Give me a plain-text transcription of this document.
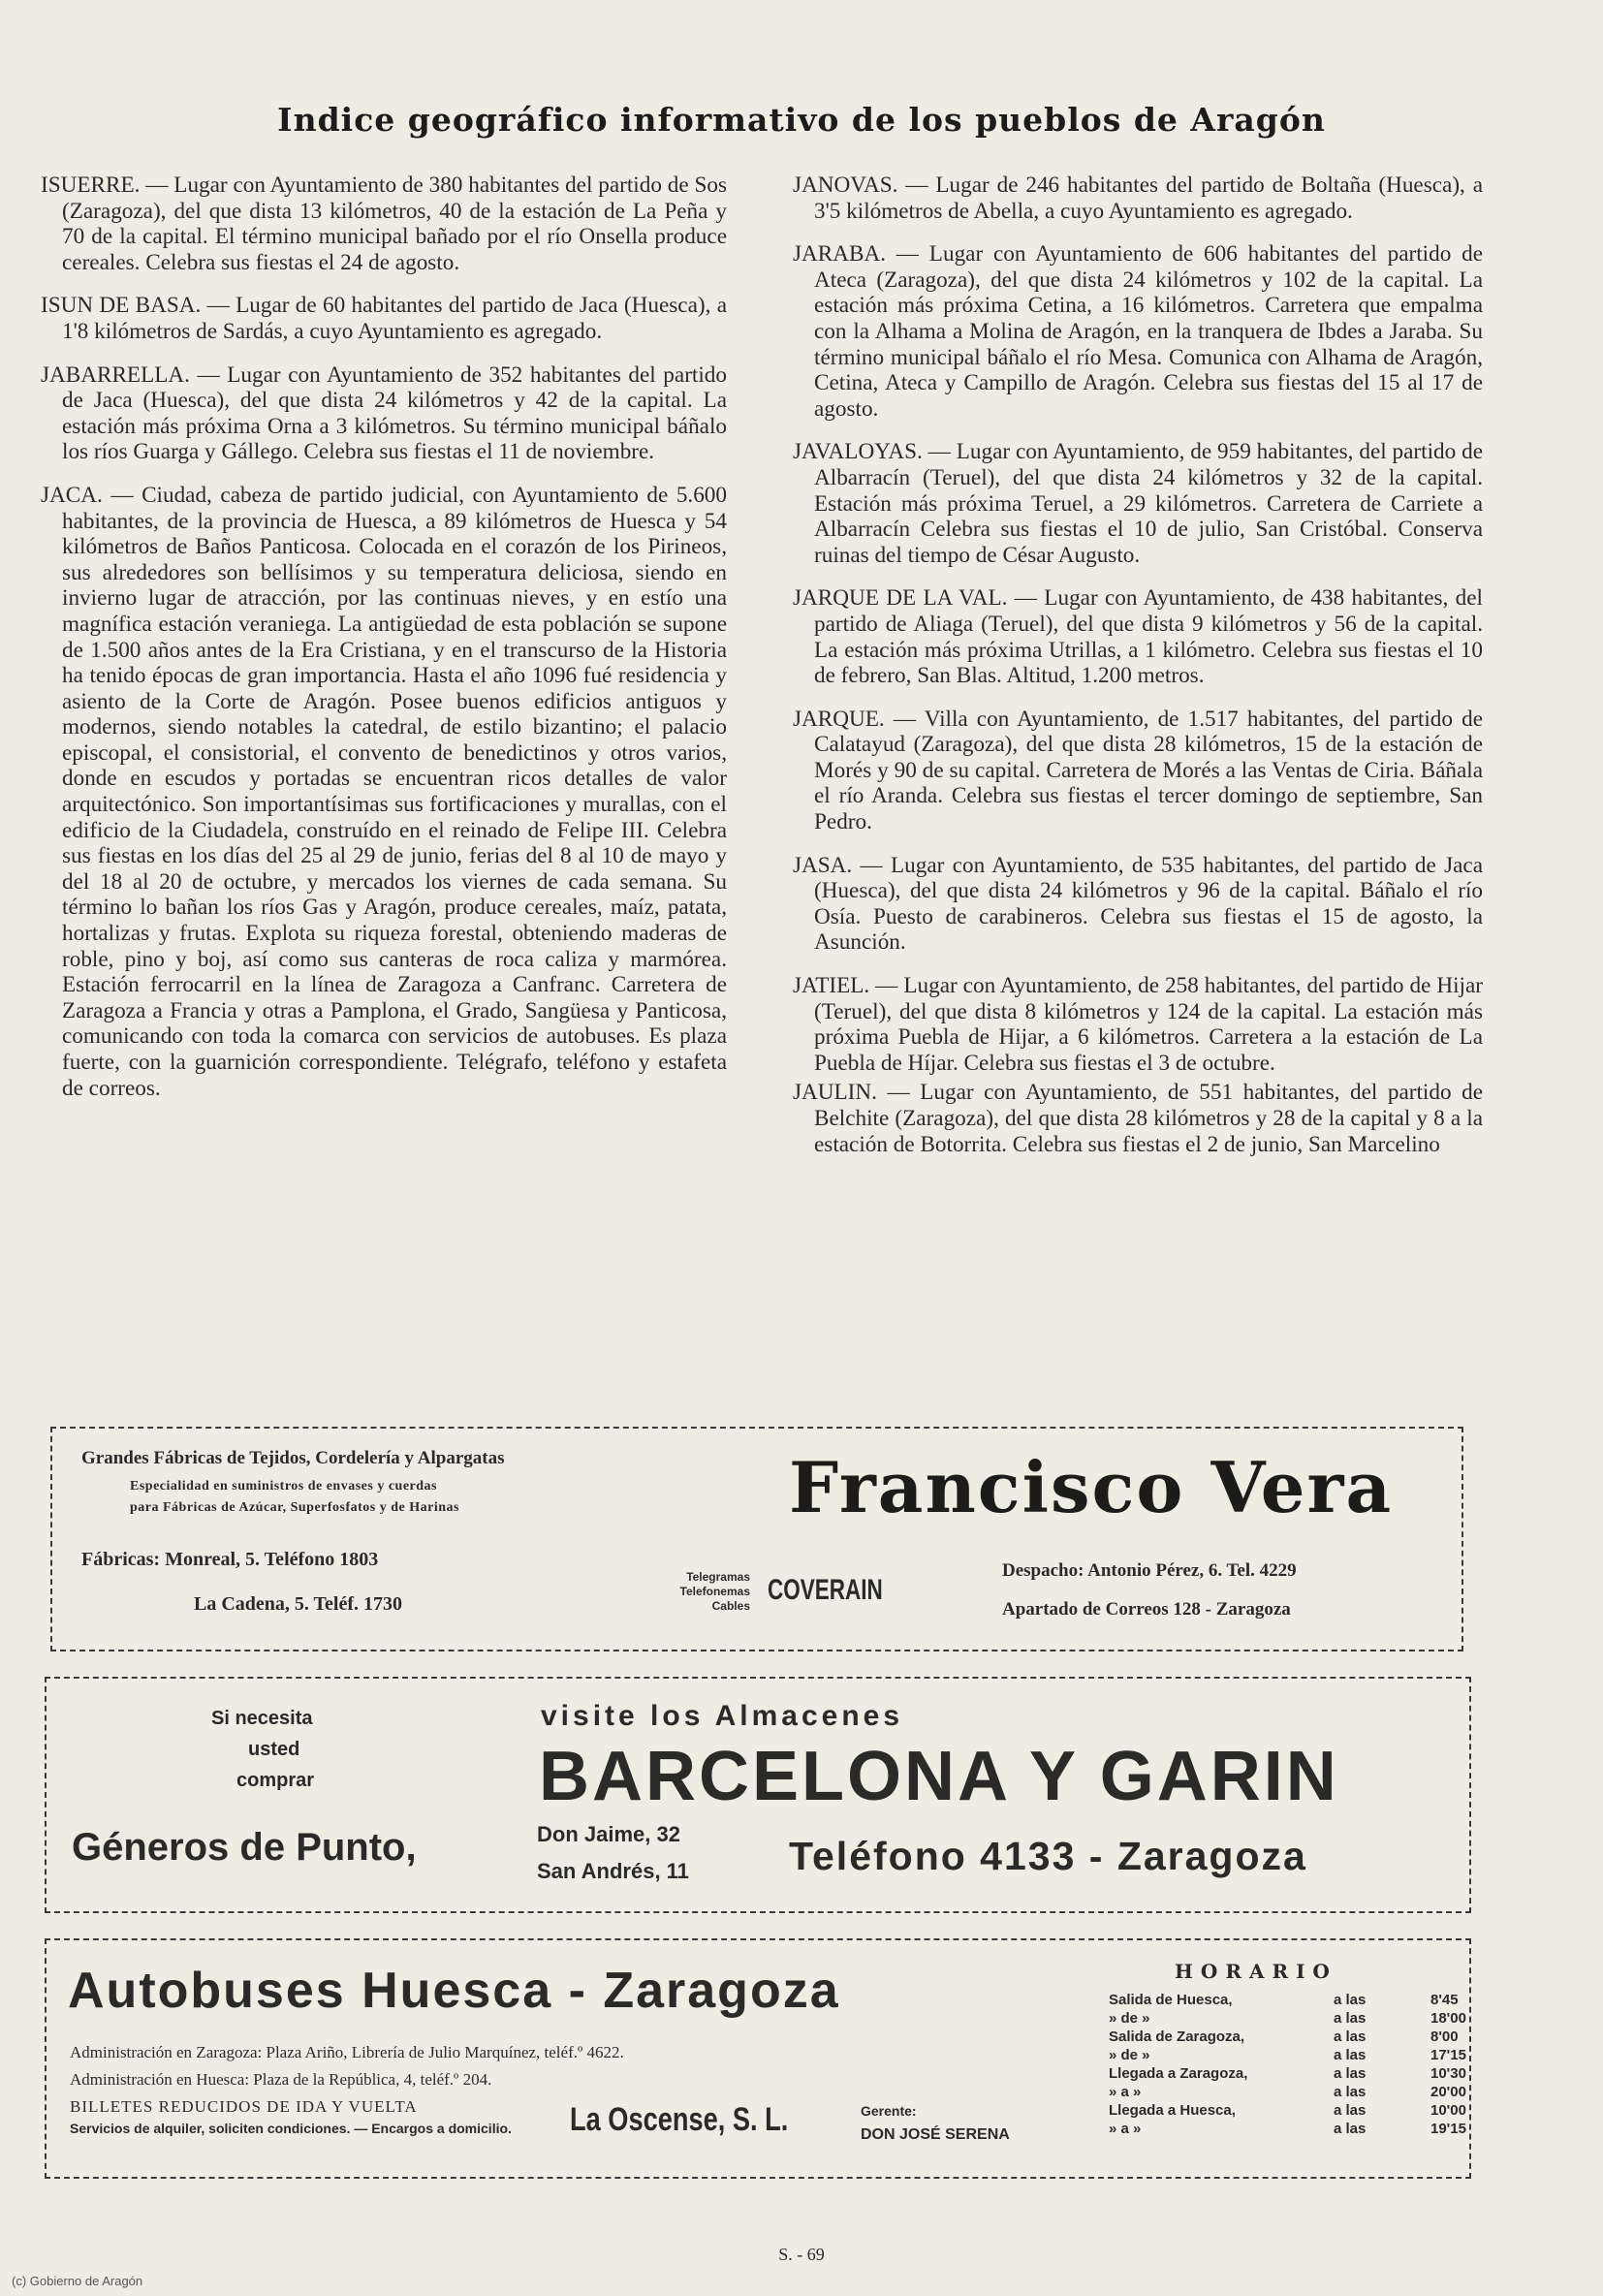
Indice geográfico informativo de los pueblos de Aragón

ISUERRE. — Lugar con Ayuntamiento de 380 habitantes del partido de Sos (Zaragoza), del que dista 13 kilómetros, 40 de la estación de La Peña y 70 de la capital. El término municipal bañado por el río Onsella produce cereales. Celebra sus fiestas el 24 de agosto.

ISUN DE BASA. — Lugar de 60 habitantes del partido de Jaca (Huesca), a 1'8 kilómetros de Sardás, a cuyo Ayuntamiento es agregado.

JABARRELLA. — Lugar con Ayuntamiento de 352 habitantes del partido de Jaca (Huesca), del que dista 24 kilómetros y 42 de la capital. La estación más próxima Orna a 3 kilómetros. Su término municipal báñalo los ríos Guarga y Gállego. Celebra sus fiestas el 11 de noviembre.

JACA. — Ciudad, cabeza de partido judicial, con Ayuntamiento de 5.600 habitantes, de la provincia de Huesca, a 89 kilómetros de Huesca y 54 kilómetros de Baños Panticosa. Colocada en el corazón de los Pirineos, sus alrededores son bellísimos y su temperatura deliciosa, siendo en invierno lugar de atracción, por las continuas nieves, y en estío una magnífica estación veraniega. La antigüedad de esta población se supone de 1.500 años antes de la Era Cristiana, y en el transcurso de la Historia ha tenido épocas de gran importancia. Hasta el año 1096 fué residencia y asiento de la Corte de Aragón. Posee buenos edificios antiguos y modernos, siendo notables la catedral, de estilo bizantino; el palacio episcopal, el consistorial, el convento de benedictinos y otros varios, donde en escudos y portadas se encuentran ricos detalles de valor arquitectónico. Son importantísimas sus fortificaciones y murallas, con el edificio de la Ciudadela, construído en el reinado de Felipe III. Celebra sus fiestas en los días del 25 al 29 de junio, ferias del 8 al 10 de mayo y del 18 al 20 de octubre, y mercados los viernes de cada semana. Su término lo bañan los ríos Gas y Aragón, produce cereales, maíz, patata, hortalizas y frutas. Explota su riqueza forestal, obteniendo maderas de roble, pino y boj, así como sus canteras de roca caliza y marmórea. Estación ferrocarril en la línea de Zaragoza a Canfranc. Carretera de Zaragoza a Francia y otras a Pamplona, el Grado, Sangüesa y Panticosa, comunicando con toda la comarca con servicios de autobuses. Es plaza fuerte, con la guarnición correspondiente. Telégrafo, teléfono y estafeta de correos.

JANOVAS. — Lugar de 246 habitantes del partido de Boltaña (Huesca), a 3'5 kilómetros de Abella, a cuyo Ayuntamiento es agregado.

JARABA. — Lugar con Ayuntamiento de 606 habitantes del partido de Ateca (Zaragoza), del que dista 24 kilómetros y 102 de la capital. La estación más próxima Cetina, a 16 kilómetros. Carretera que empalma con la Alhama a Molina de Aragón, en la tranquera de Ibdes a Jaraba. Su término municipal báñalo el río Mesa. Comunica con Alhama de Aragón, Cetina, Ateca y Campillo de Aragón. Celebra sus fiestas del 15 al 17 de agosto.

JAVALOYAS. — Lugar con Ayuntamiento, de 959 habitantes, del partido de Albarracín (Teruel), del que dista 24 kilómetros y 32 de la capital. Estación más próxima Teruel, a 29 kilómetros. Carretera de Carriete a Albarracín Celebra sus fiestas el 10 de julio, San Cristóbal. Conserva ruinas del tiempo de César Augusto.

JARQUE DE LA VAL. — Lugar con Ayuntamiento, de 438 habitantes, del partido de Aliaga (Teruel), del que dista 9 kilómetros y 56 de la capital. La estación más próxima Utrillas, a 1 kilómetro. Celebra sus fiestas el 10 de febrero, San Blas. Altitud, 1.200 metros.

JARQUE. — Villa con Ayuntamiento, de 1.517 habitantes, del partido de Calatayud (Zaragoza), del que dista 28 kilómetros, 15 de la estación de Morés y 90 de su capital. Carretera de Morés a las Ventas de Ciria. Báñala el río Aranda. Celebra sus fiestas el tercer domingo de septiembre, San Pedro.

JASA. — Lugar con Ayuntamiento, de 535 habitantes, del partido de Jaca (Huesca), del que dista 24 kilómetros y 96 de la capital. Báñalo el río Osía. Puesto de carabineros. Celebra sus fiestas el 15 de agosto, la Asunción.

JATIEL. — Lugar con Ayuntamiento, de 258 habitantes, del partido de Hijar (Teruel), del que dista 8 kilómetros y 124 de la capital. La estación más próxima Puebla de Hijar, a 6 kilómetros. Carretera a la estación de La Puebla de Híjar. Celebra sus fiestas el 3 de octubre.

JAULIN. — Lugar con Ayuntamiento, de 551 habitantes, del partido de Belchite (Zaragoza), del que dista 28 kilómetros y 28 de la capital y 8 a la estación de Botorrita. Celebra sus fiestas el 2 de junio, San Marcelino

Grandes Fábricas de Tejidos, Cordelería y Alpargatas
Especialidad en suministros de envases y cuerdas
para Fábricas de Azúcar, Superfosfatos y de Harinas
Fábricas: Monreal, 5. Teléfono 1803
La Cadena, 5. Teléf. 1730
Francisco Vera
Telegramas
Telefonemas
Cables COVERAIN
Despacho: Antonio Pérez, 6. Tel. 4229
Apartado de Correos 128 - Zaragoza
Si necesita
usted
comprar
Géneros de Punto,
visite los Almacenes
BARCELONA Y GARIN
Don Jaime, 32
San Andrés, 11	Teléfono 4133 - Zaragoza
Autobuses Huesca - Zaragoza
Administración en Zaragoza: Plaza Ariño, Librería de Julio Marquínez, teléf.º 4622.
Administración en Huesca: Plaza de la República, 4, teléf.º 204.
BILLETES REDUCIDOS DE IDA Y VUELTA
Servicios de alquiler, soliciten condiciones. — Encargos a domicilio. La Oscense, S. L.	Gerente:
DON JOSÉ SERENA
HORARIO
Salida de Huesca,	a las	8'45
» de »	a las	18'00
Salida de Zaragoza,	a las	8'00
» de »	a las	17'15
Llegada a Zaragoza,	a las	10'30
» a »	a las	20'00
Llegada a Huesca,	a las	10'00
» a »	a las	19'15
S. - 69
(c) Gobierno de Aragón
